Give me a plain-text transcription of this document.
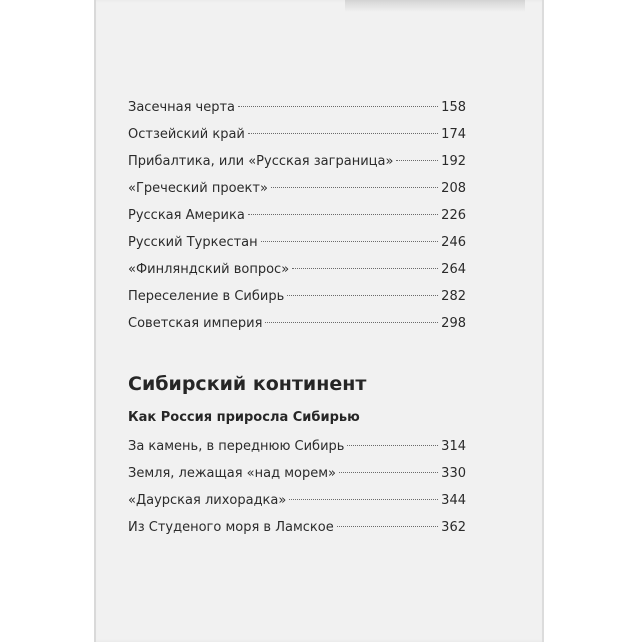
Засечная черта	158
Остзейский край	174
Прибалтика, или «Русская заграница»	192
«Греческий проект»	208
Русская Америка	226
Русский Туркестан	246
«Финляндский вопрос»	264
Переселение в Сибирь	282
Советская империя	298
Сибирский континент
Как Россия приросла Сибирью
За камень, в переднюю Сибирь	314
Земля, лежащая «над морем»	330
«Даурская лихорадка»	344
Из Студеного моря в Ламское	362
